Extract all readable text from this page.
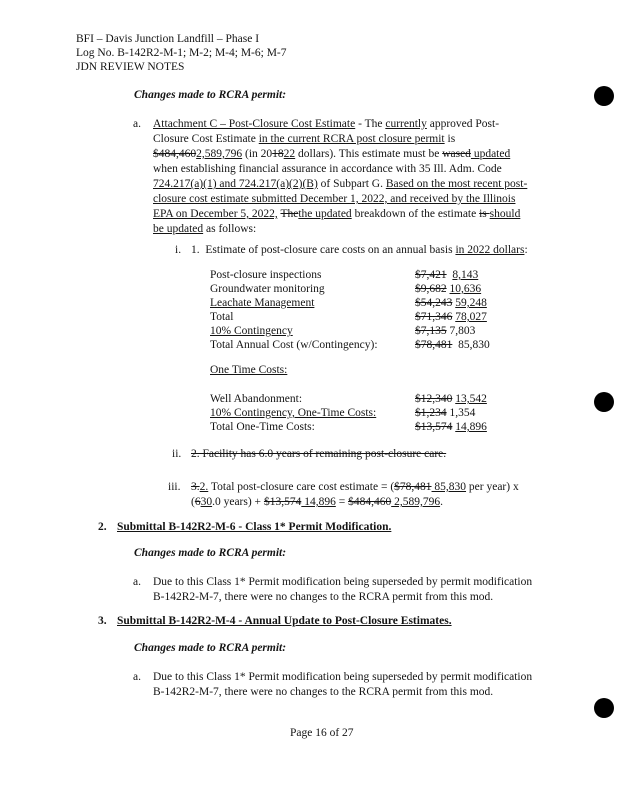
BFI – Davis Junction Landfill – Phase I
Log No. B-142R2-M-1; M-2; M-4; M-6; M-7
JDN REVIEW NOTES
Changes made to RCRA permit:
a. Attachment C – Post-Closure Cost Estimate - The currently approved Post-
Closure Cost Estimate in the current RCRA post closure permit is
$484,4602,589,796 (in 201822 dollars). This estimate must be wased updated
when establishing financial assurance in accordance with 35 Ill. Adm. Code
724.217(a)(1) and 724.217(a)(2)(B) of Subpart G. Based on the most recent post-
closure cost estimate submitted December 1, 2022, and received by the Illinois
EPA on December 5, 2022, Thethe updated breakdown of the estimate is should
be updated as follows:
i. 1. Estimate of post-closure care costs on an annual basis in 2022 dollars:
Post-closure inspections	$7,421 8,143
Groundwater monitoring	$9,682 10,636
Leachate Management	$54,243 59,248
Total	$71,346 78,027
10% Contingency	$7,135 7,803
Total Annual Cost (w/Contingency):	$78,481 85,830
One Time Costs:
Well Abandonment:	$12,340 13,542
10% Contingency, One-Time Costs:	$1,234 1,354
Total One-Time Costs:	$13,574 14,896
ii. 2. Facility has 6.0 years of remaining post-closure care.
iii. 3.2. Total post-closure care cost estimate = ($78,481 85,830 per year) x
(630.0 years) + $13,574 14,896 = $484,460 2,589,796.
2. Submittal B-142R2-M-6 - Class 1* Permit Modification.
Changes made to RCRA permit:
a. Due to this Class 1* Permit modification being superseded by permit modification
B-142R2-M-7, there were no changes to the RCRA permit from this mod.
3. Submittal B-142R2-M-4 - Annual Update to Post-Closure Estimates.
Changes made to RCRA permit:
a. Due to this Class 1* Permit modification being superseded by permit modification
B-142R2-M-7, there were no changes to the RCRA permit from this mod.
Page 16 of 27
